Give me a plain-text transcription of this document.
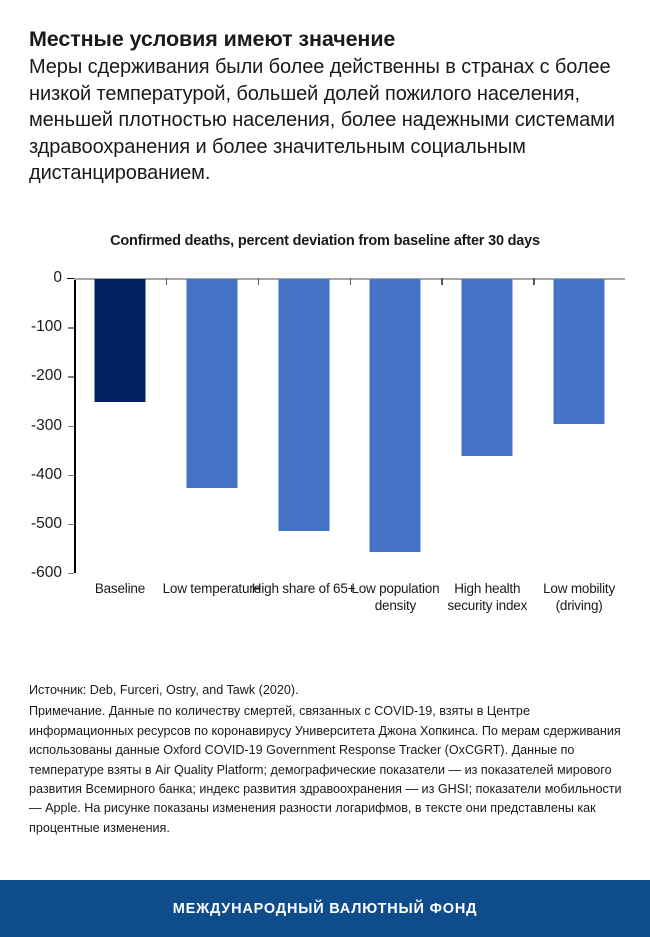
Местные условия имеют значение

Меры сдерживания были более действенны в странах с более низкой температурой, большей долей пожилого населения, меньшей плотностью населения, более надежными системами здравоохранения и более значительным социальным дистанцированием.

Confirmed deaths, percent deviation from baseline after 30 days
0
-100
-200
-300
-400
-500
-600
Baseline	Low temperature
High share of 65+
Low population density
High health security index
Low mobility (driving)

Источник: Deb, Furceri, Ostry, and Tawk (2020).

Примечание. Данные по количеству смертей, связанных с COVID-19, взяты в Центре информационных ресурсов по коронавирусу Университета Джона Хопкинса. По мерам сдерживания использованы данные Oxford COVID-19 Government Response Tracker (OxCGRT). Данные по температуре взяты в Air Quality Platform; демографические показатели — из показателей мирового развития Всемирного банка; индекс развития здравоохранения — из GHSI; показатели мобильности — Apple. На рисунке показаны изменения разности логарифмов, в тексте они представлены как процентные изменения.

МЕЖДУНАРОДНЫЙ ВАЛЮТНЫЙ ФОНД
